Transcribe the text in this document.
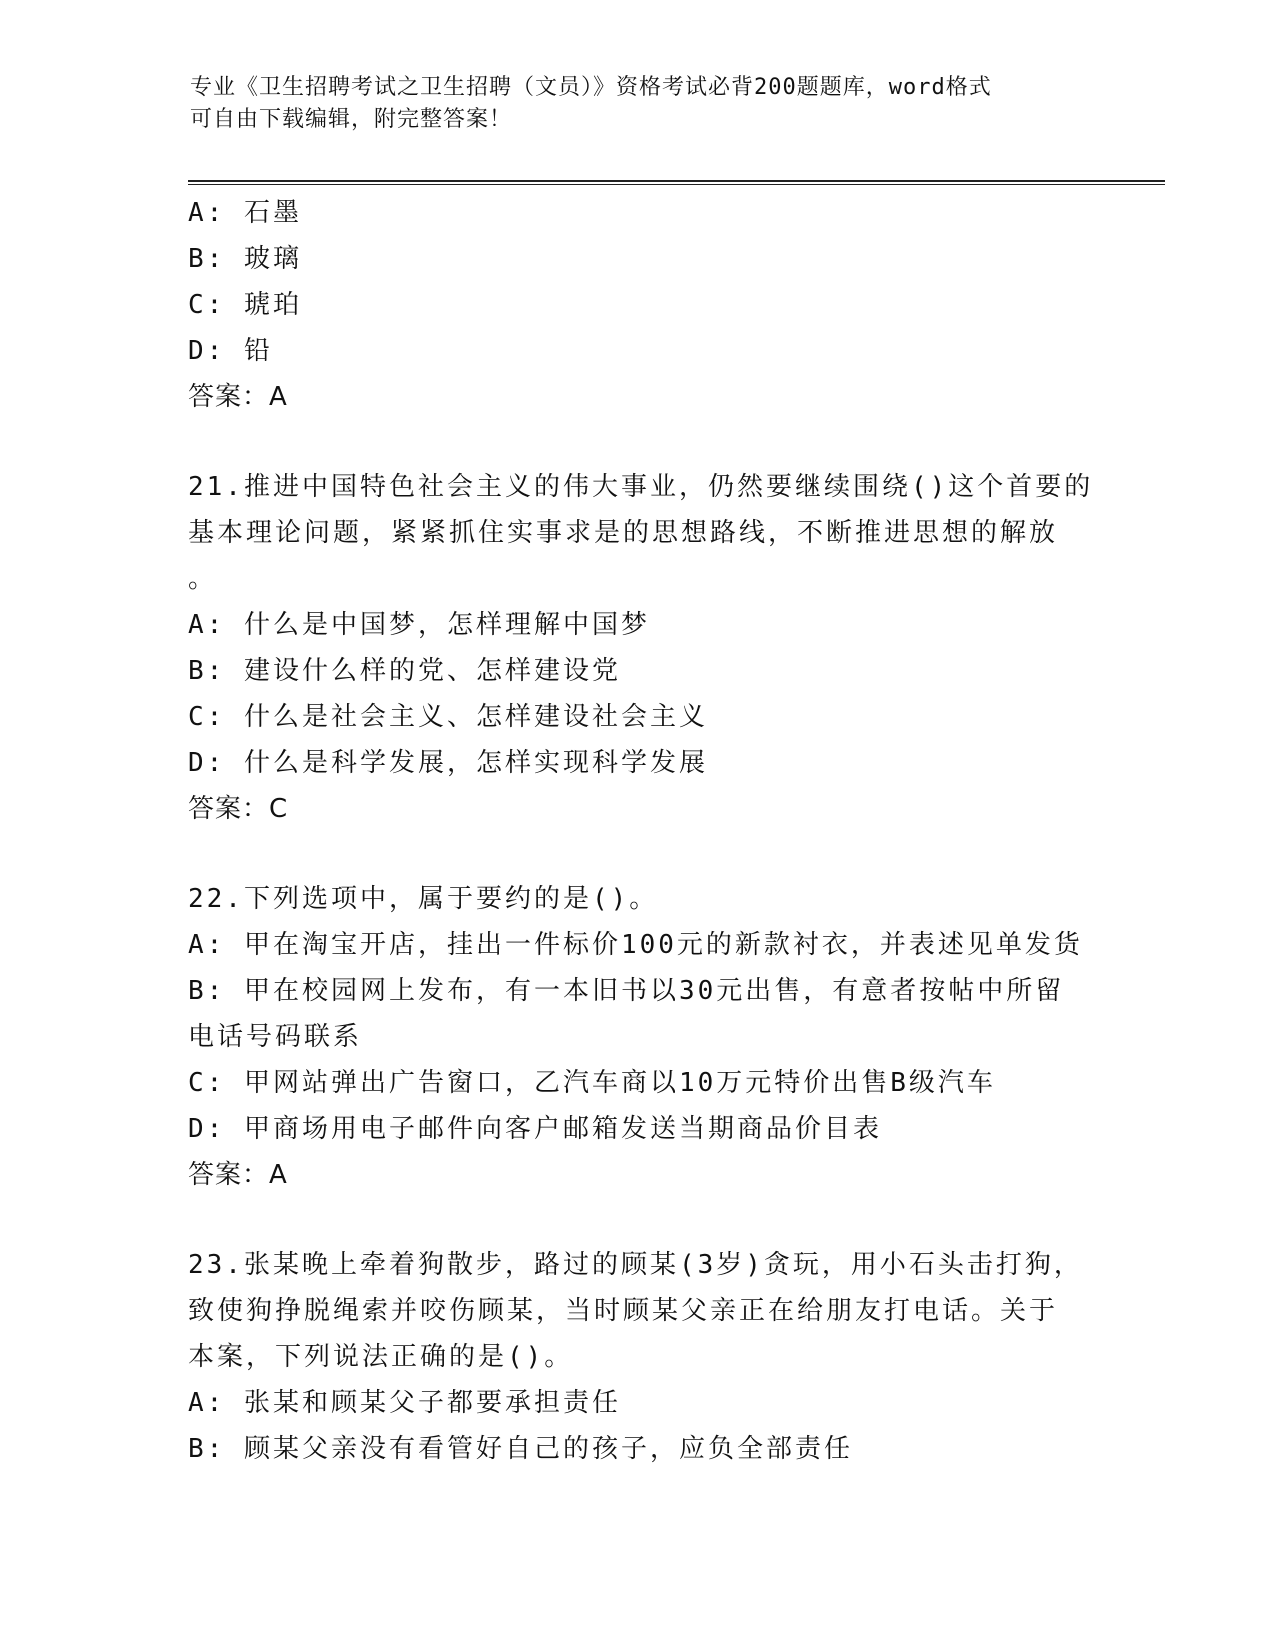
专业《卫生招聘考试之卫生招聘（文员）》资格考试必背200题题库，word格式
可自由下载编辑，附完整答案！
A: 石墨
B: 玻璃
C: 琥珀
D: 铅
答案：A
21.推进中国特色社会主义的伟大事业，仍然要继续围绕()这个首要的
基本理论问题，紧紧抓住实事求是的思想路线，不断推进思想的解放
。
A: 什么是中国梦，怎样理解中国梦
B: 建设什么样的党、怎样建设党
C: 什么是社会主义、怎样建设社会主义
D: 什么是科学发展，怎样实现科学发展
答案：C
22.下列选项中，属于要约的是()。
A: 甲在淘宝开店，挂出一件标价100元的新款衬衣，并表述见单发货
B: 甲在校园网上发布，有一本旧书以30元出售，有意者按帖中所留
电话号码联系
C: 甲网站弹出广告窗口，乙汽车商以10万元特价出售B级汽车
D: 甲商场用电子邮件向客户邮箱发送当期商品价目表
答案：A
23.张某晚上牵着狗散步，路过的顾某(3岁)贪玩，用小石头击打狗，
致使狗挣脱绳索并咬伤顾某，当时顾某父亲正在给朋友打电话。关于
本案，下列说法正确的是()。
A: 张某和顾某父子都要承担责任
B: 顾某父亲没有看管好自己的孩子，应负全部责任
